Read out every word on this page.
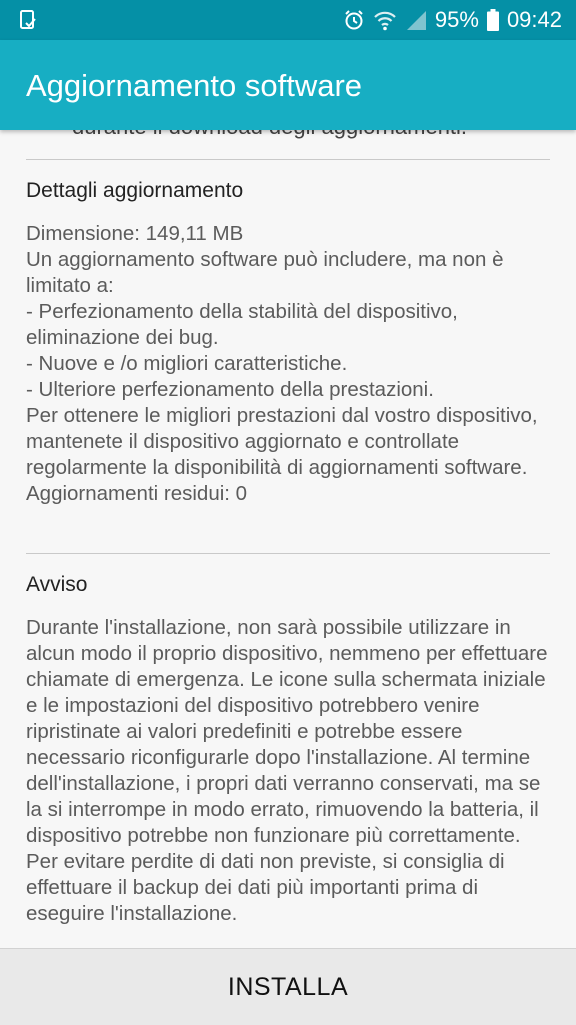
95% 09:42
Aggiornamento software
Dettagli aggiornamento
Dimensione: 149,11 MB
Un aggiornamento software può includere, ma non è limitato a:
- Perfezionamento della stabilità del dispositivo, eliminazione dei bug.
- Nuove e /o migliori caratteristiche.
- Ulteriore perfezionamento della prestazioni.
Per ottenere le migliori prestazioni dal vostro dispositivo, mantenete il dispositivo aggiornato e controllate regolarmente la disponibilità di aggiornamenti software.
Aggiornamenti residui: 0
Avviso
Durante l'installazione, non sarà possibile utilizzare in alcun modo il proprio dispositivo, nemmeno per effettuare chiamate di emergenza. Le icone sulla schermata iniziale e le impostazioni del dispositivo potrebbero venire ripristinate ai valori predefiniti e potrebbe essere necessario riconfigurarle dopo l'installazione. Al termine dell'installazione, i propri dati verranno conservati, ma se la si interrompe in modo errato, rimuovendo la batteria, il dispositivo potrebbe non funzionare più correttamente. Per evitare perdite di dati non previste, si consiglia di effettuare il backup dei dati più importanti prima di eseguire l'installazione.
INSTALLA
